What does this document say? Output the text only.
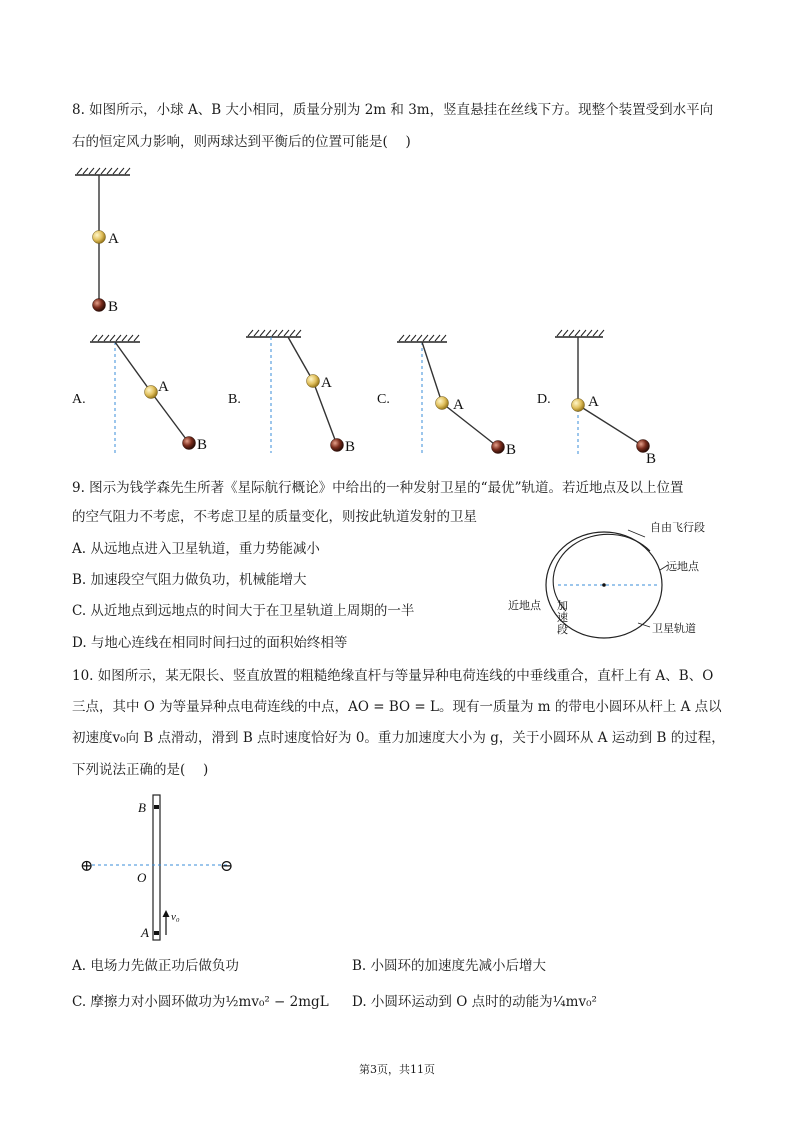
8. 如图所示，小球 A、B 大小相同，质量分别为 2m 和 3m，竖直悬挂在丝线下方。现整个装置受到水平向
右的恒定风力影响，则两球达到平衡后的位置可能是(　 )
A
B
A.
A
B
B.
A
B
C.	A
B
D. A
B
9. 图示为钱学森先生所著《星际航行概论》中给出的一种发射卫星的“最优”轨道。若近地点及以上位置
的空气阻力不考虑，不考虑卫星的质量变化，则按此轨道发射的卫星
A. 从远地点进入卫星轨道，重力势能减小
B. 加速段空气阻力做负功，机械能增大
C. 从近地点到远地点的时间大于在卫星轨道上周期的一半
D. 与地心连线在相同时间扫过的面积始终相等
自由飞行段
远地点
近地点 加
速
段	卫星轨道
10. 如图所示，某无限长、竖直放置的粗糙绝缘直杆与等量异种电荷连线的中垂线重合，直杆上有 A、B、O
三点，其中 O 为等量异种点电荷连线的中点，AO = BO = L。现有一质量为 m 的带电小圆环从杆上 A 点以
初速度v₀向 B 点滑动，滑到 B 点时速度恰好为 0。重力加速度大小为 g，关于小圆环从 A 运动到 B 的过程，
下列说法正确的是(　 )
⊕	⊖
B
O
A
v₀
A. 电场力先做正功后做负功	B. 小圆环的加速度先减小后增大
C. 摩擦力对小圆环做功为½mv₀² − 2mgL D. 小圆环运动到 O 点时的动能为¼mv₀²
第3页，共11页
